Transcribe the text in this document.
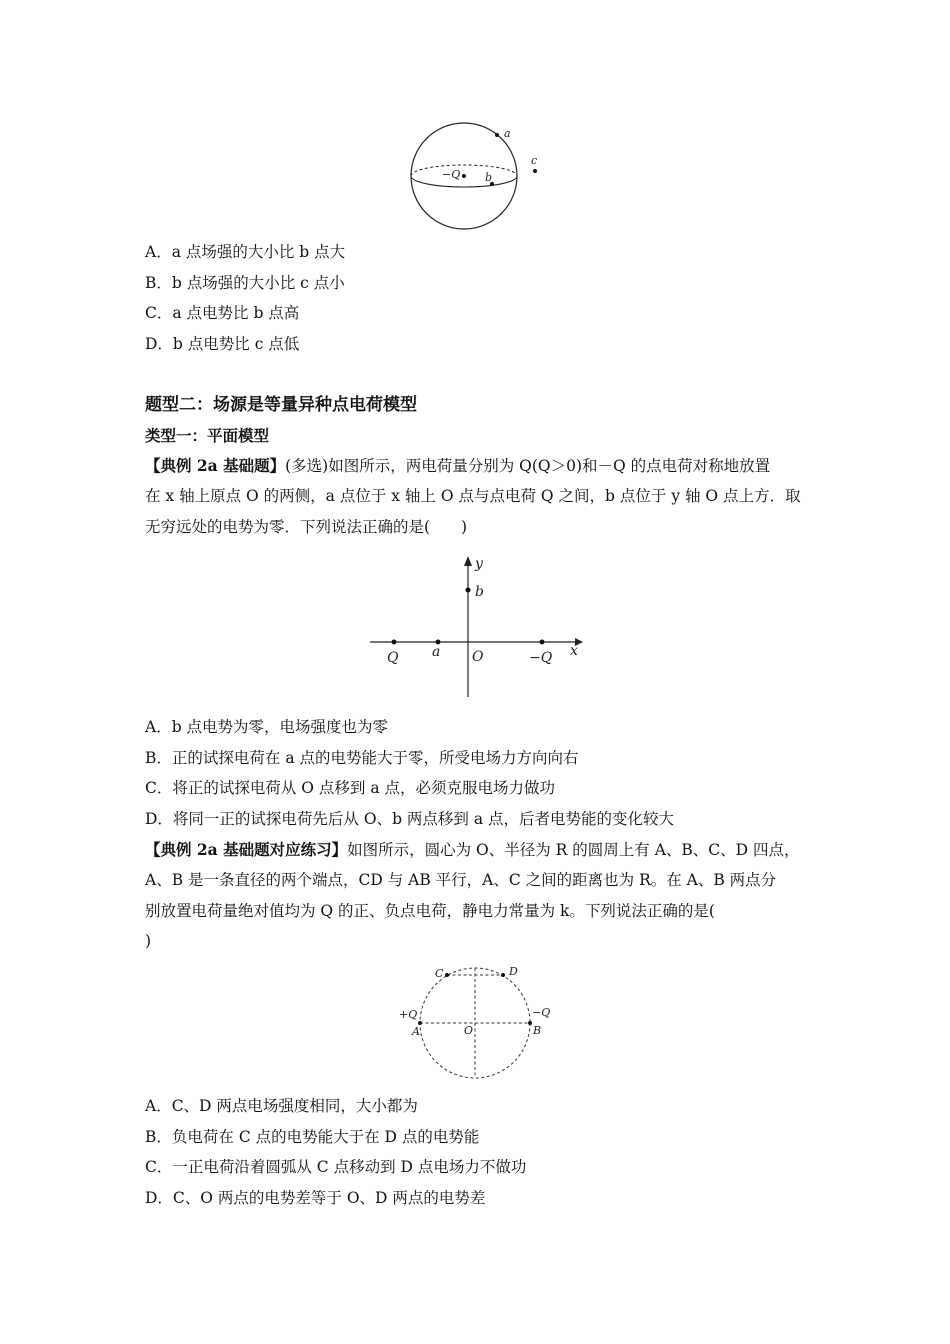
a
c
−Q b
A．a 点场强的大小比 b 点大
B．b 点场强的大小比 c 点小
C．a 点电势比 b 点高
D．b 点电势比 c 点低
题型二：场源是等量异种点电荷模型
类型一：平面模型
【典例 2a 基础题】(多选)如图所示，两电荷量分别为 Q(Q＞0)和－Q 的点电荷对称地放置
在 x 轴上原点 O 的两侧，a 点位于 x 轴上 O 点与点电荷 Q 之间，b 点位于 y 轴 O 点上方．取
无穷远处的电势为零．下列说法正确的是(　　)
y
b
Q a O	−Q x
A．b 点电势为零，电场强度也为零
B．正的试探电荷在 a 点的电势能大于零，所受电场力方向向右
C．将正的试探电荷从 O 点移到 a 点，必须克服电场力做功
D．将同一正的试探电荷先后从 O、b 两点移到 a 点，后者电势能的变化较大
【典例 2a 基础题对应练习】如图所示，圆心为 O、半径为 R 的圆周上有 A、B、C、D 四点，
A、B 是一条直径的两个端点，CD 与 AB 平行，A、C 之间的距离也为 R。在 A、B 两点分
别放置电荷量绝对值均为 Q 的正、负点电荷，静电力常量为 k。下列说法正确的是(
)
C	D
+Q
A
−Q
B
O
A．C、D 两点电场强度相同，大小都为
B．负电荷在 C 点的电势能大于在 D 点的电势能
C．一正电荷沿着圆弧从 C 点移动到 D 点电场力不做功
D．C、O 两点的电势差等于 O、D 两点的电势差
